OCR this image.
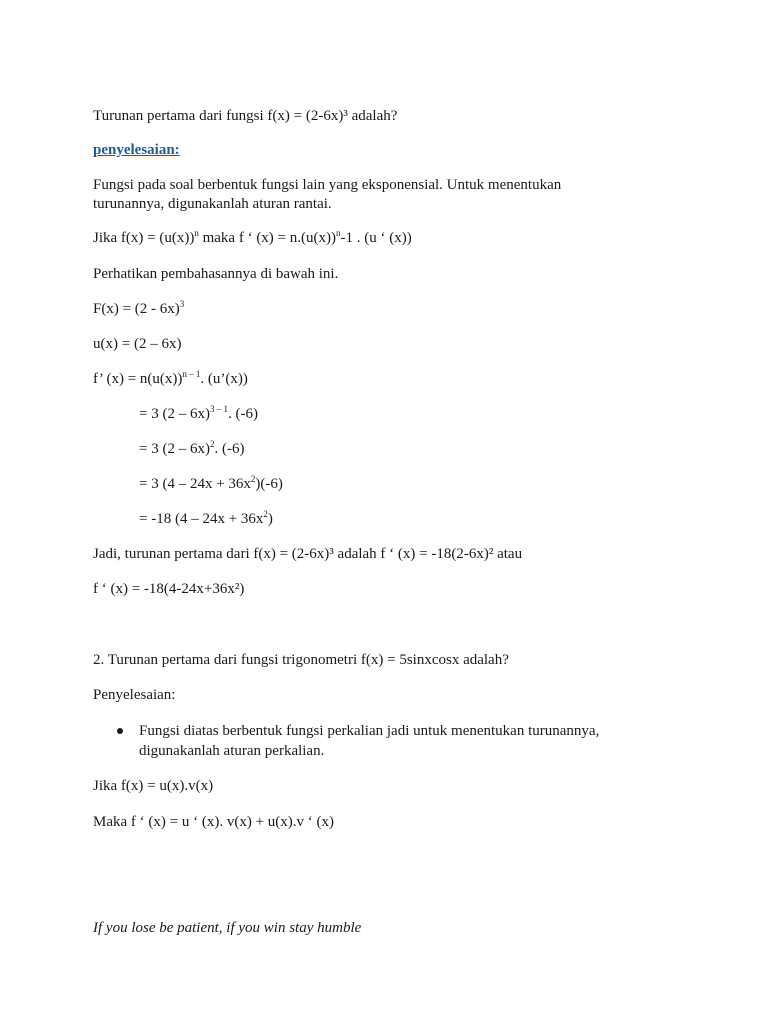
Turunan pertama dari fungsi f(x) = (2-6x)³ adalah?
penyelesaian:
Fungsi pada soal berbentuk fungsi lain yang eksponensial. Untuk menentukan
turunannya, digunakanlah aturan rantai.
Jika $f(x) = (u(x))^n$ maka f ‘ $(x) = n.(u(x))^n-1$ . (u ‘ (x))
Perhatikan pembahasannya di bawah ini.
F(x) = (2 - 6x)$^3$
u(x) = (2 – 6x)
f’ $(x) = n(u(x))^{n - 1}$. (u’(x))
= 3 (2 – 6x)$^{3 - 1}$. (-6)
= 3 (2 – 6x)$^2$. (-6)
= 3 $(4 - 24x + 36x^2)(-6)$
= -18 $(4 - 24x + 36x^2)$
Jadi, turunan pertama dari f(x) = (2-6x)³ adalah f ‘ (x) = -18(2-6x)² atau
f ‘ (x) = -18(4-24x+36x²)
2. Turunan pertama dari fungsi trigonometri f(x) = 5sinxcosx adalah?
Penyelesaian:
Fungsi diatas berbentuk fungsi perkalian jadi untuk menentukan turunannya,
digunakanlah aturan perkalian.
Jika f(x) = u(x).v(x)
Maka f ‘ (x) = u ‘ (x). v(x) + u(x).v ‘ (x)
If you lose be patient, if you win stay humble
